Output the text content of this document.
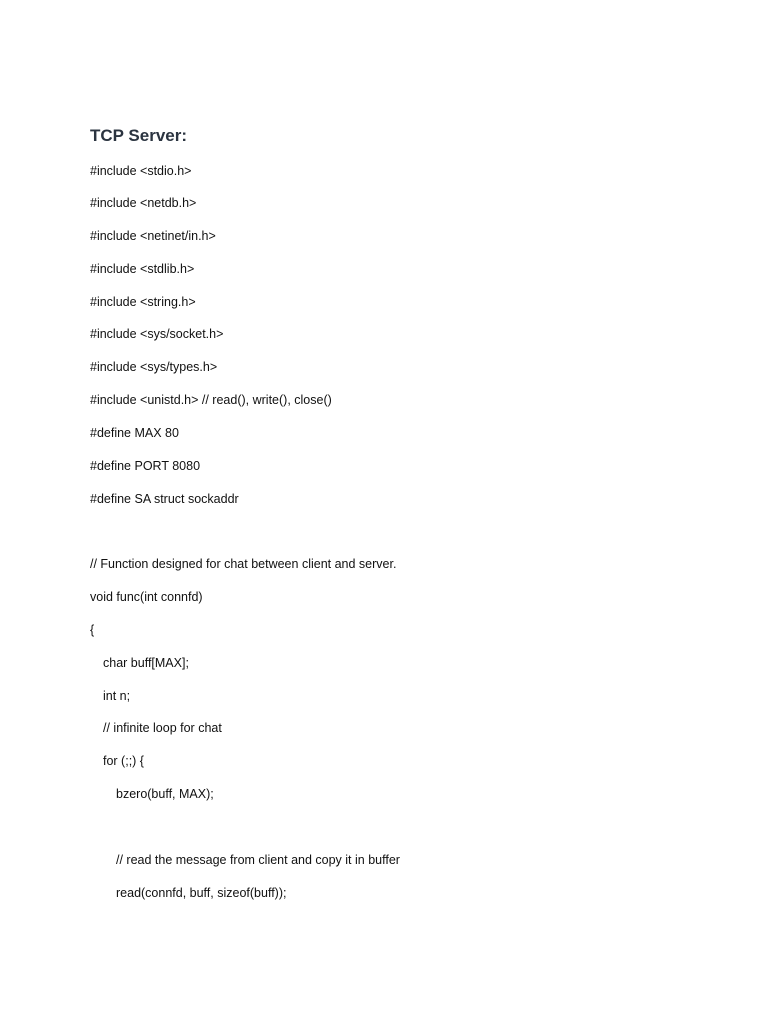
TCP Server:

#include <stdio.h>

#include <netdb.h>

#include <netinet/in.h>

#include <stdlib.h>

#include <string.h>

#include <sys/socket.h>

#include <sys/types.h>

#include <unistd.h> // read(), write(), close()

#define MAX 80

#define PORT 8080

#define SA struct sockaddr

// Function designed for chat between client and server.

void func(int connfd)

{

char buff[MAX];

int n;

// infinite loop for chat

for (;;) {

bzero(buff, MAX);

// read the message from client and copy it in buffer

read(connfd, buff, sizeof(buff));
